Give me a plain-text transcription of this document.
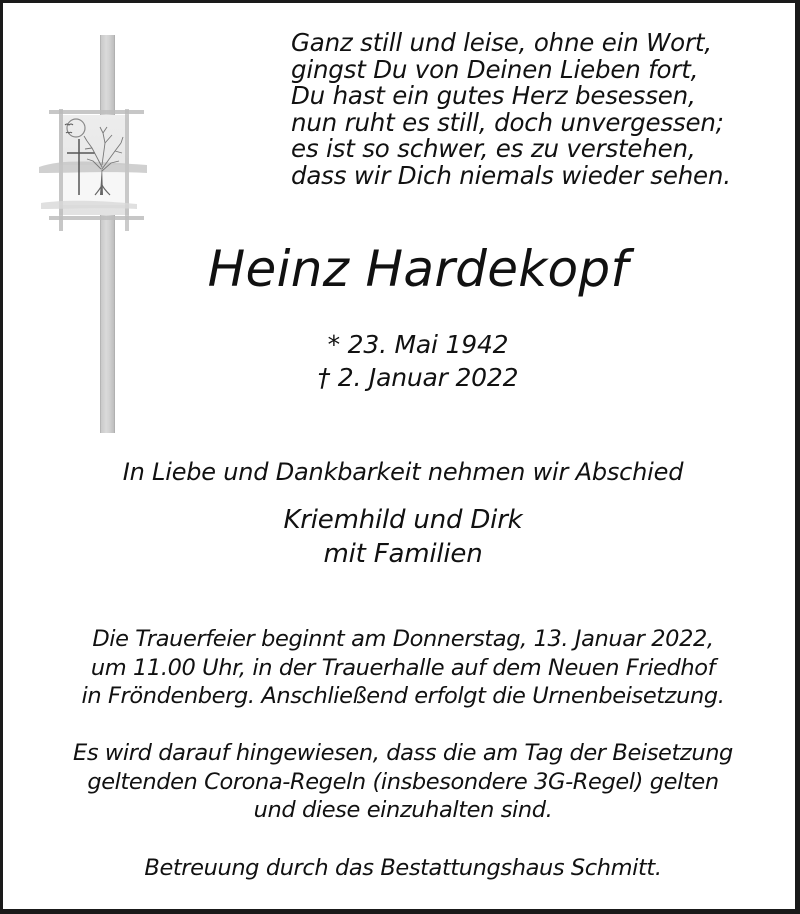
Ganz still und leise, ohne ein Wort,
gingst Du von Deinen Lieben fort,
Du hast ein gutes Herz besessen,
nun ruht es still, doch unvergessen;
es ist so schwer, es zu verstehen,
dass wir Dich niemals wieder sehen.
Heinz Hardekopf
* 23. Mai 1942
† 2. Januar 2022
In Liebe und Dankbarkeit nehmen wir Abschied
Kriemhild und Dirk
mit Familien
Die Trauerfeier beginnt am Donnerstag, 13. Januar 2022,
um 11.00 Uhr, in der Trauerhalle auf dem Neuen Friedhof
in Fröndenberg. Anschließend erfolgt die Urnenbeisetzung.
Es wird darauf hingewiesen, dass die am Tag der Beisetzung
geltenden Corona-Regeln (insbesondere 3G-Regel) gelten
und diese einzuhalten sind.
Betreuung durch das Bestattungshaus Schmitt.
